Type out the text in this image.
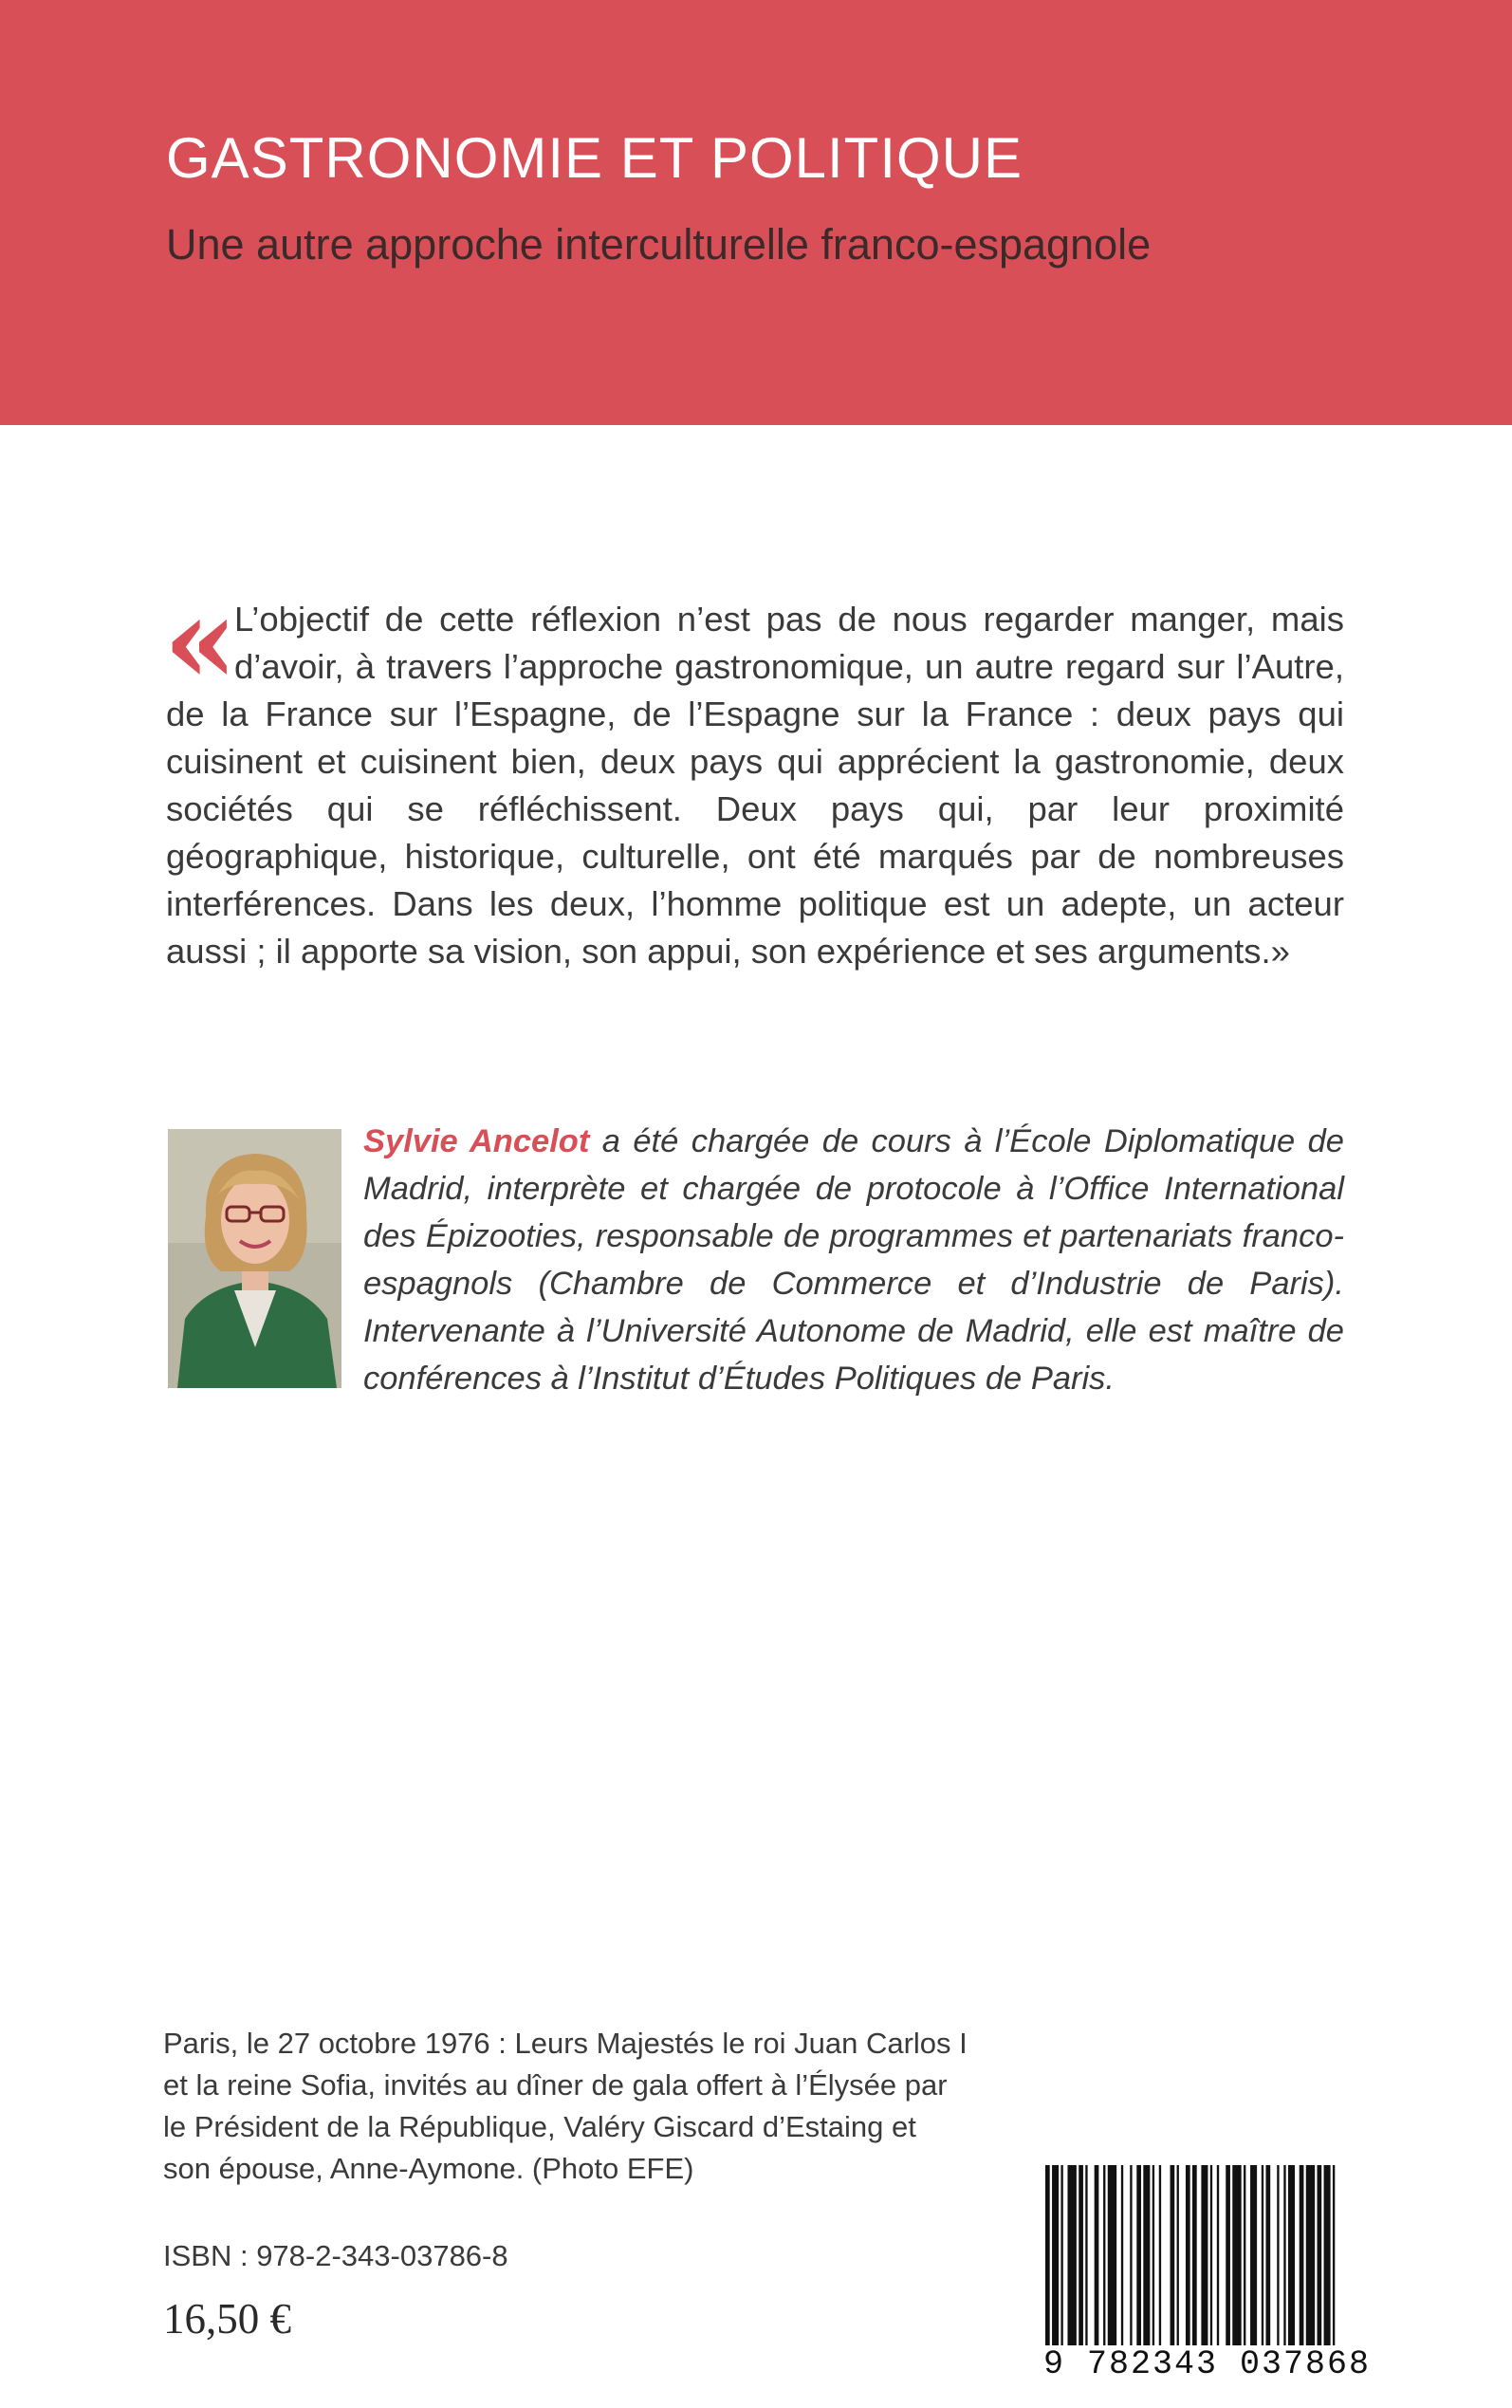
GASTRONOMIE ET POLITIQUE
Une autre approche interculturelle franco-espagnole
«
L’objectif de cette réflexion n’est pas de nous regarder manger, mais d’avoir, à travers l’approche gastronomique, un autre regard sur l’Autre, de la France sur l’Espagne, de l’Espagne sur la France : deux pays qui cuisinent et cuisinent bien, deux pays qui apprécient la gastronomie, deux sociétés qui se réfléchissent. Deux pays qui, par leur proximité géographique, historique, culturelle, ont été marqués par de nombreuses interférences. Dans les deux, l’homme politique est un adepte, un acteur aussi ; il apporte sa vision, son appui, son expérience et ses arguments.»
Sylvie Ancelot a été chargée de cours à l’École Diplomatique de Madrid, interprète et chargée de protocole à l’Office International des Épizooties, responsable de programmes et partenariats franco-espagnols (Chambre de Commerce et d’Industrie de Paris). Intervenante à l’Université Autonome de Madrid, elle est maître de conférences à l’Institut d’Études Politiques de Paris.
Paris, le 27 octobre 1976 : Leurs Majestés le roi Juan Carlos I et la reine Sofia, invités au dîner de gala offert à l’Élysée par le Président de la République, Valéry Giscard d’Estaing et son épouse, Anne-Aymone. (Photo EFE)
ISBN : 978-2-343-03786-8
16,50 €
9 782343 037868
